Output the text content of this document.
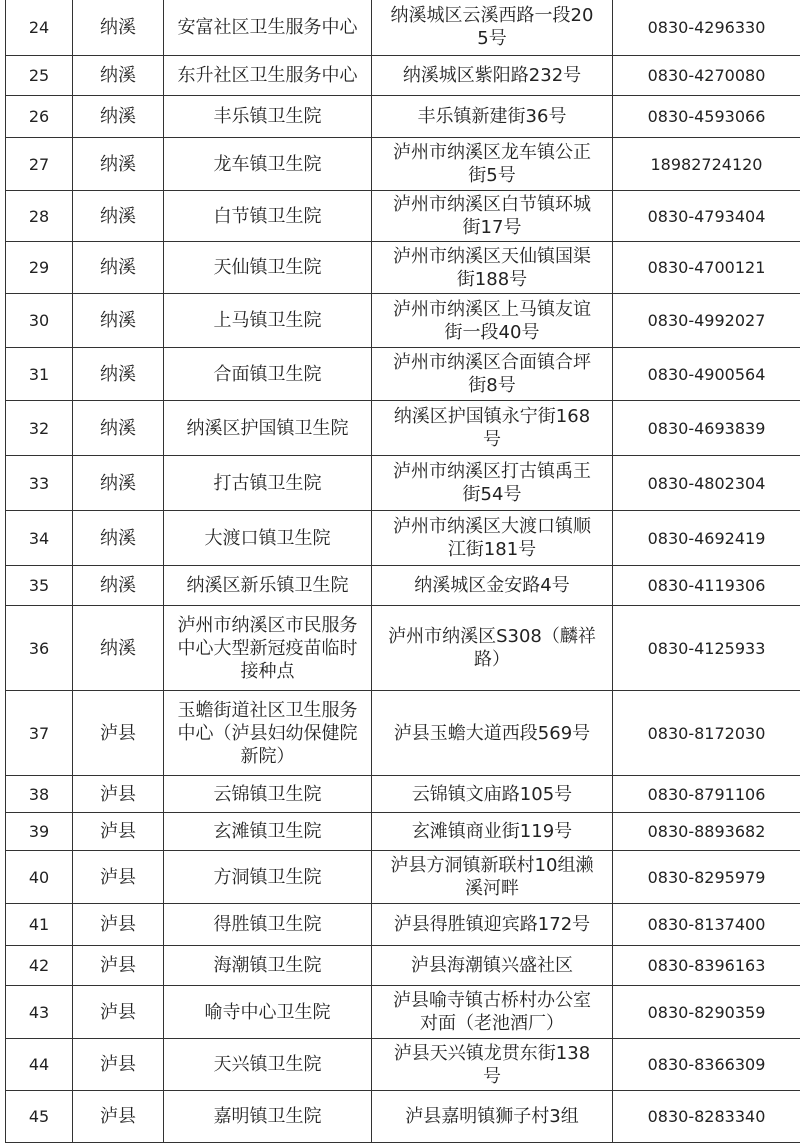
24	纳溪	安富社区卫生服务中心	纳溪城区云溪西路一段205号	0830-4296330
25	纳溪	东升社区卫生服务中心	纳溪城区紫阳路232号	0830-4270080
26	纳溪	丰乐镇卫生院	丰乐镇新建街36号	0830-4593066
27	纳溪	龙车镇卫生院	泸州市纳溪区龙车镇公正街5号	18982724120
28	纳溪	白节镇卫生院	泸州市纳溪区白节镇环城街17号	0830-4793404
29	纳溪	天仙镇卫生院	泸州市纳溪区天仙镇国渠街188号	0830-4700121
30	纳溪	上马镇卫生院	泸州市纳溪区上马镇友谊街一段40号	0830-4992027
31	纳溪	合面镇卫生院	泸州市纳溪区合面镇合坪街8号	0830-4900564
32	纳溪	纳溪区护国镇卫生院	纳溪区护国镇永宁街168号	0830-4693839
33	纳溪	打古镇卫生院	泸州市纳溪区打古镇禹王街54号	0830-4802304
34	纳溪	大渡口镇卫生院	泸州市纳溪区大渡口镇顺江街181号	0830-4692419
35	纳溪	纳溪区新乐镇卫生院	纳溪城区金安路4号	0830-4119306
36	纳溪	泸州市纳溪区市民服务中心大型新冠疫苗临时接种点	泸州市纳溪区S308（麟祥路）	0830-4125933
37	泸县	玉蟾街道社区卫生服务中心（泸县妇幼保健院新院）	泸县玉蟾大道西段569号	0830-8172030
38	泸县	云锦镇卫生院	云锦镇文庙路105号	0830-8791106
39	泸县	玄滩镇卫生院	玄滩镇商业街119号	0830-8893682
40	泸县	方洞镇卫生院	泸县方洞镇新联村10组濑溪河畔	0830-8295979
41	泸县	得胜镇卫生院	泸县得胜镇迎宾路172号	0830-8137400
42	泸县	海潮镇卫生院	泸县海潮镇兴盛社区	0830-8396163
43	泸县	喻寺中心卫生院	泸县喻寺镇古桥村办公室对面（老池酒厂）	0830-8290359
44	泸县	天兴镇卫生院	泸县天兴镇龙贯东街138号	0830-8366309
45	泸县	嘉明镇卫生院	泸县嘉明镇狮子村3组	0830-8283340
